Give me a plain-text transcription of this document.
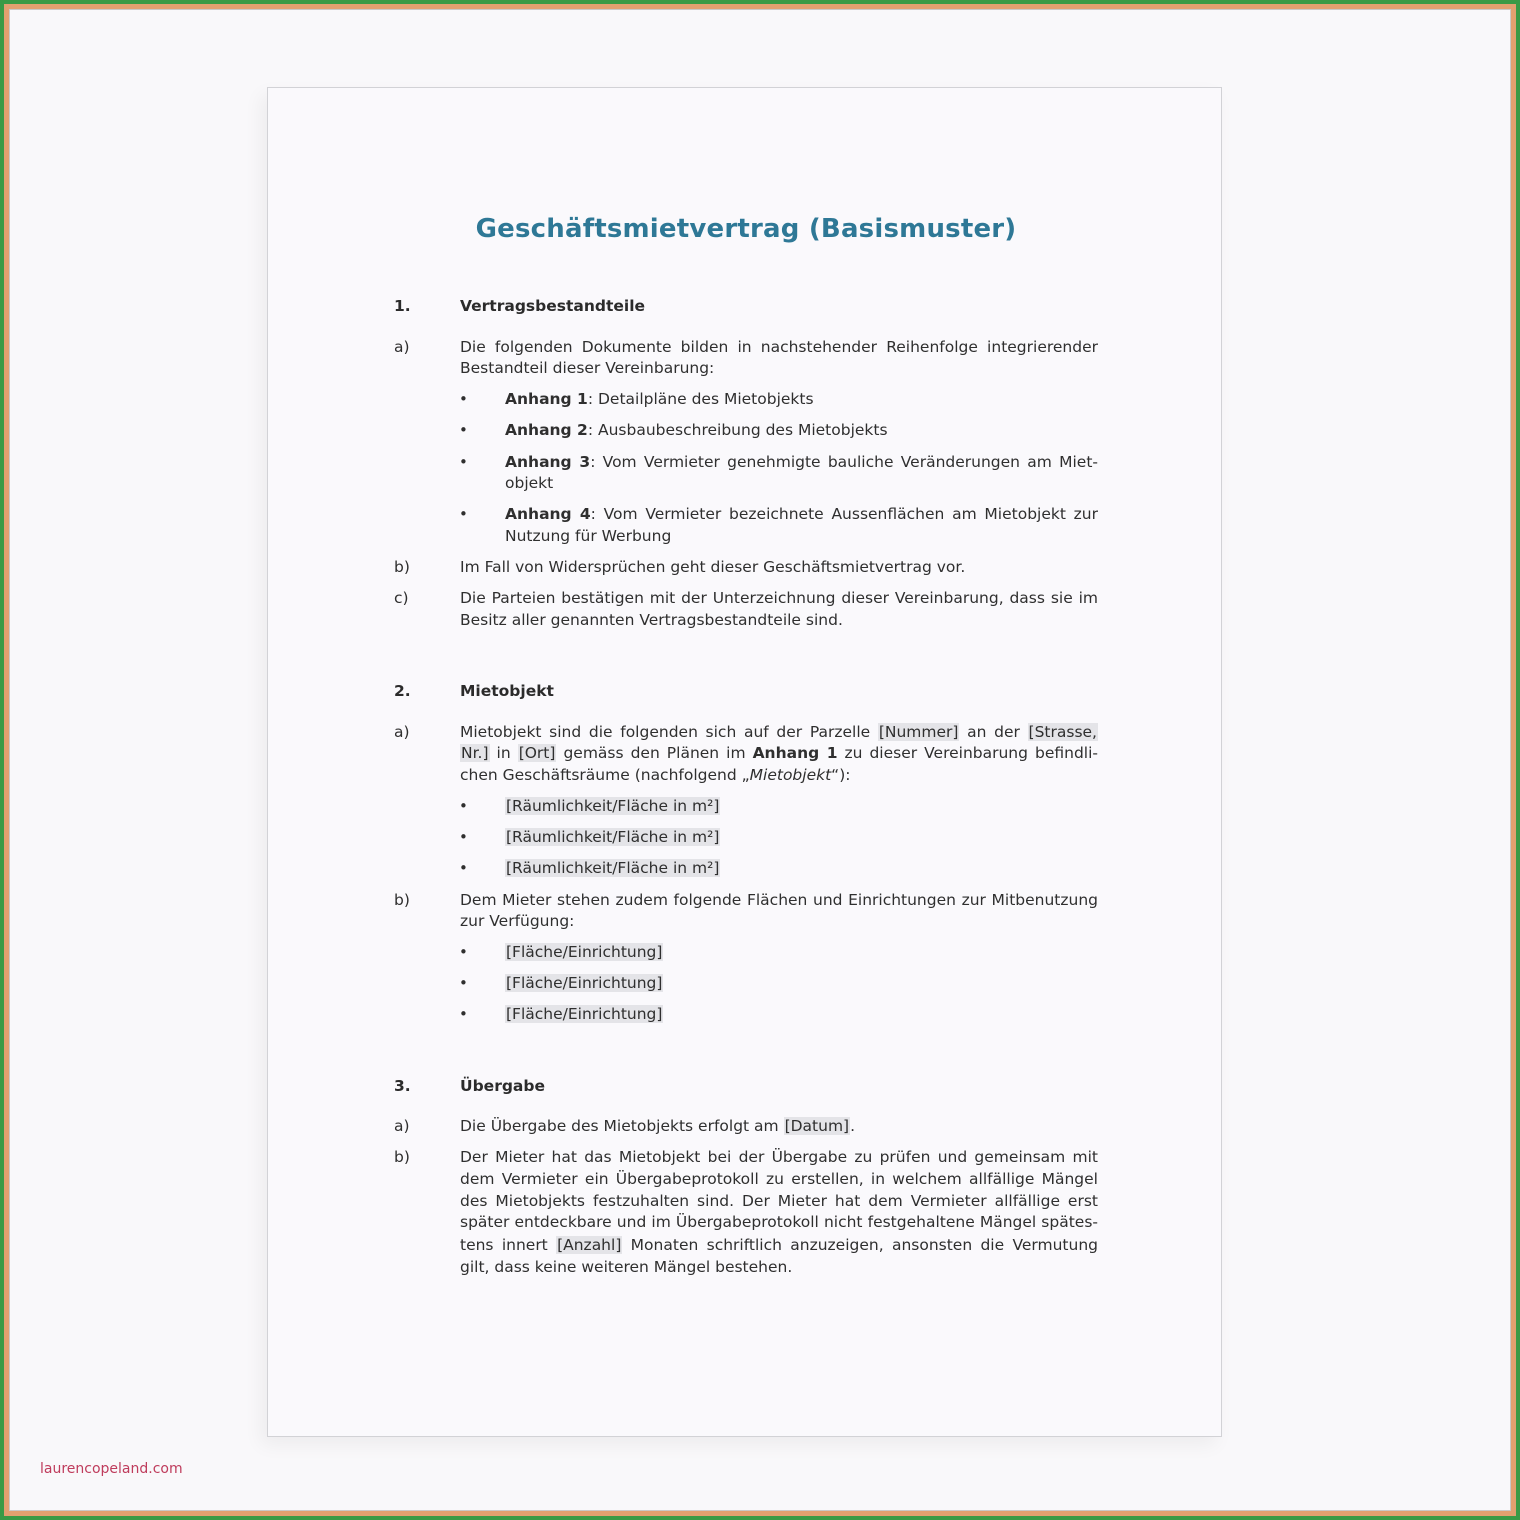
Geschäftsmietvertrag (Basismuster)
1.	Vertragsbestandteile
a)	Die folgenden Dokumente bilden in nachstehender Reihenfolge integrierender
Bestandteil dieser Vereinbarung:
• Anhang 1: Detailpläne des Mietobjekts
• Anhang 2: Ausbaubeschreibung des Mietobjekts
• Anhang 3: Vom Vermieter genehmigte bauliche Veränderungen am Miet-
objekt
• Anhang 4: Vom Vermieter bezeichnete Aussenflächen am Mietobjekt zur
Nutzung für Werbung
b)	Im Fall von Widersprüchen geht dieser Geschäftsmietvertrag vor.
c)	Die Parteien bestätigen mit der Unterzeichnung dieser Vereinbarung, dass sie im
Besitz aller genannten Vertragsbestandteile sind.
2.	Mietobjekt
a)	Mietobjekt sind die folgenden sich auf der Parzelle [Nummer] an der [Strasse,
Nr.] in [Ort] gemäss den Plänen im Anhang 1 zu dieser Vereinbarung befindli-
chen Geschäftsräume (nachfolgend „Mietobjekt“):
• [Räumlichkeit/Fläche in m²]
• [Räumlichkeit/Fläche in m²]
• [Räumlichkeit/Fläche in m²]
b)	Dem Mieter stehen zudem folgende Flächen und Einrichtungen zur Mitbenutzung
zur Verfügung:
• [Fläche/Einrichtung]
• [Fläche/Einrichtung]
• [Fläche/Einrichtung]
3.	Übergabe
a)	Die Übergabe des Mietobjekts erfolgt am [Datum].
b)	Der Mieter hat das Mietobjekt bei der Übergabe zu prüfen und gemeinsam mit
dem Vermieter ein Übergabeprotokoll zu erstellen, in welchem allfällige Mängel
des Mietobjekts festzuhalten sind. Der Mieter hat dem Vermieter allfällige erst
später entdeckbare und im Übergabeprotokoll nicht festgehaltene Mängel spätes-
tens innert [Anzahl] Monaten schriftlich anzuzeigen, ansonsten die Vermutung
gilt, dass keine weiteren Mängel bestehen.
laurencopeland.com
